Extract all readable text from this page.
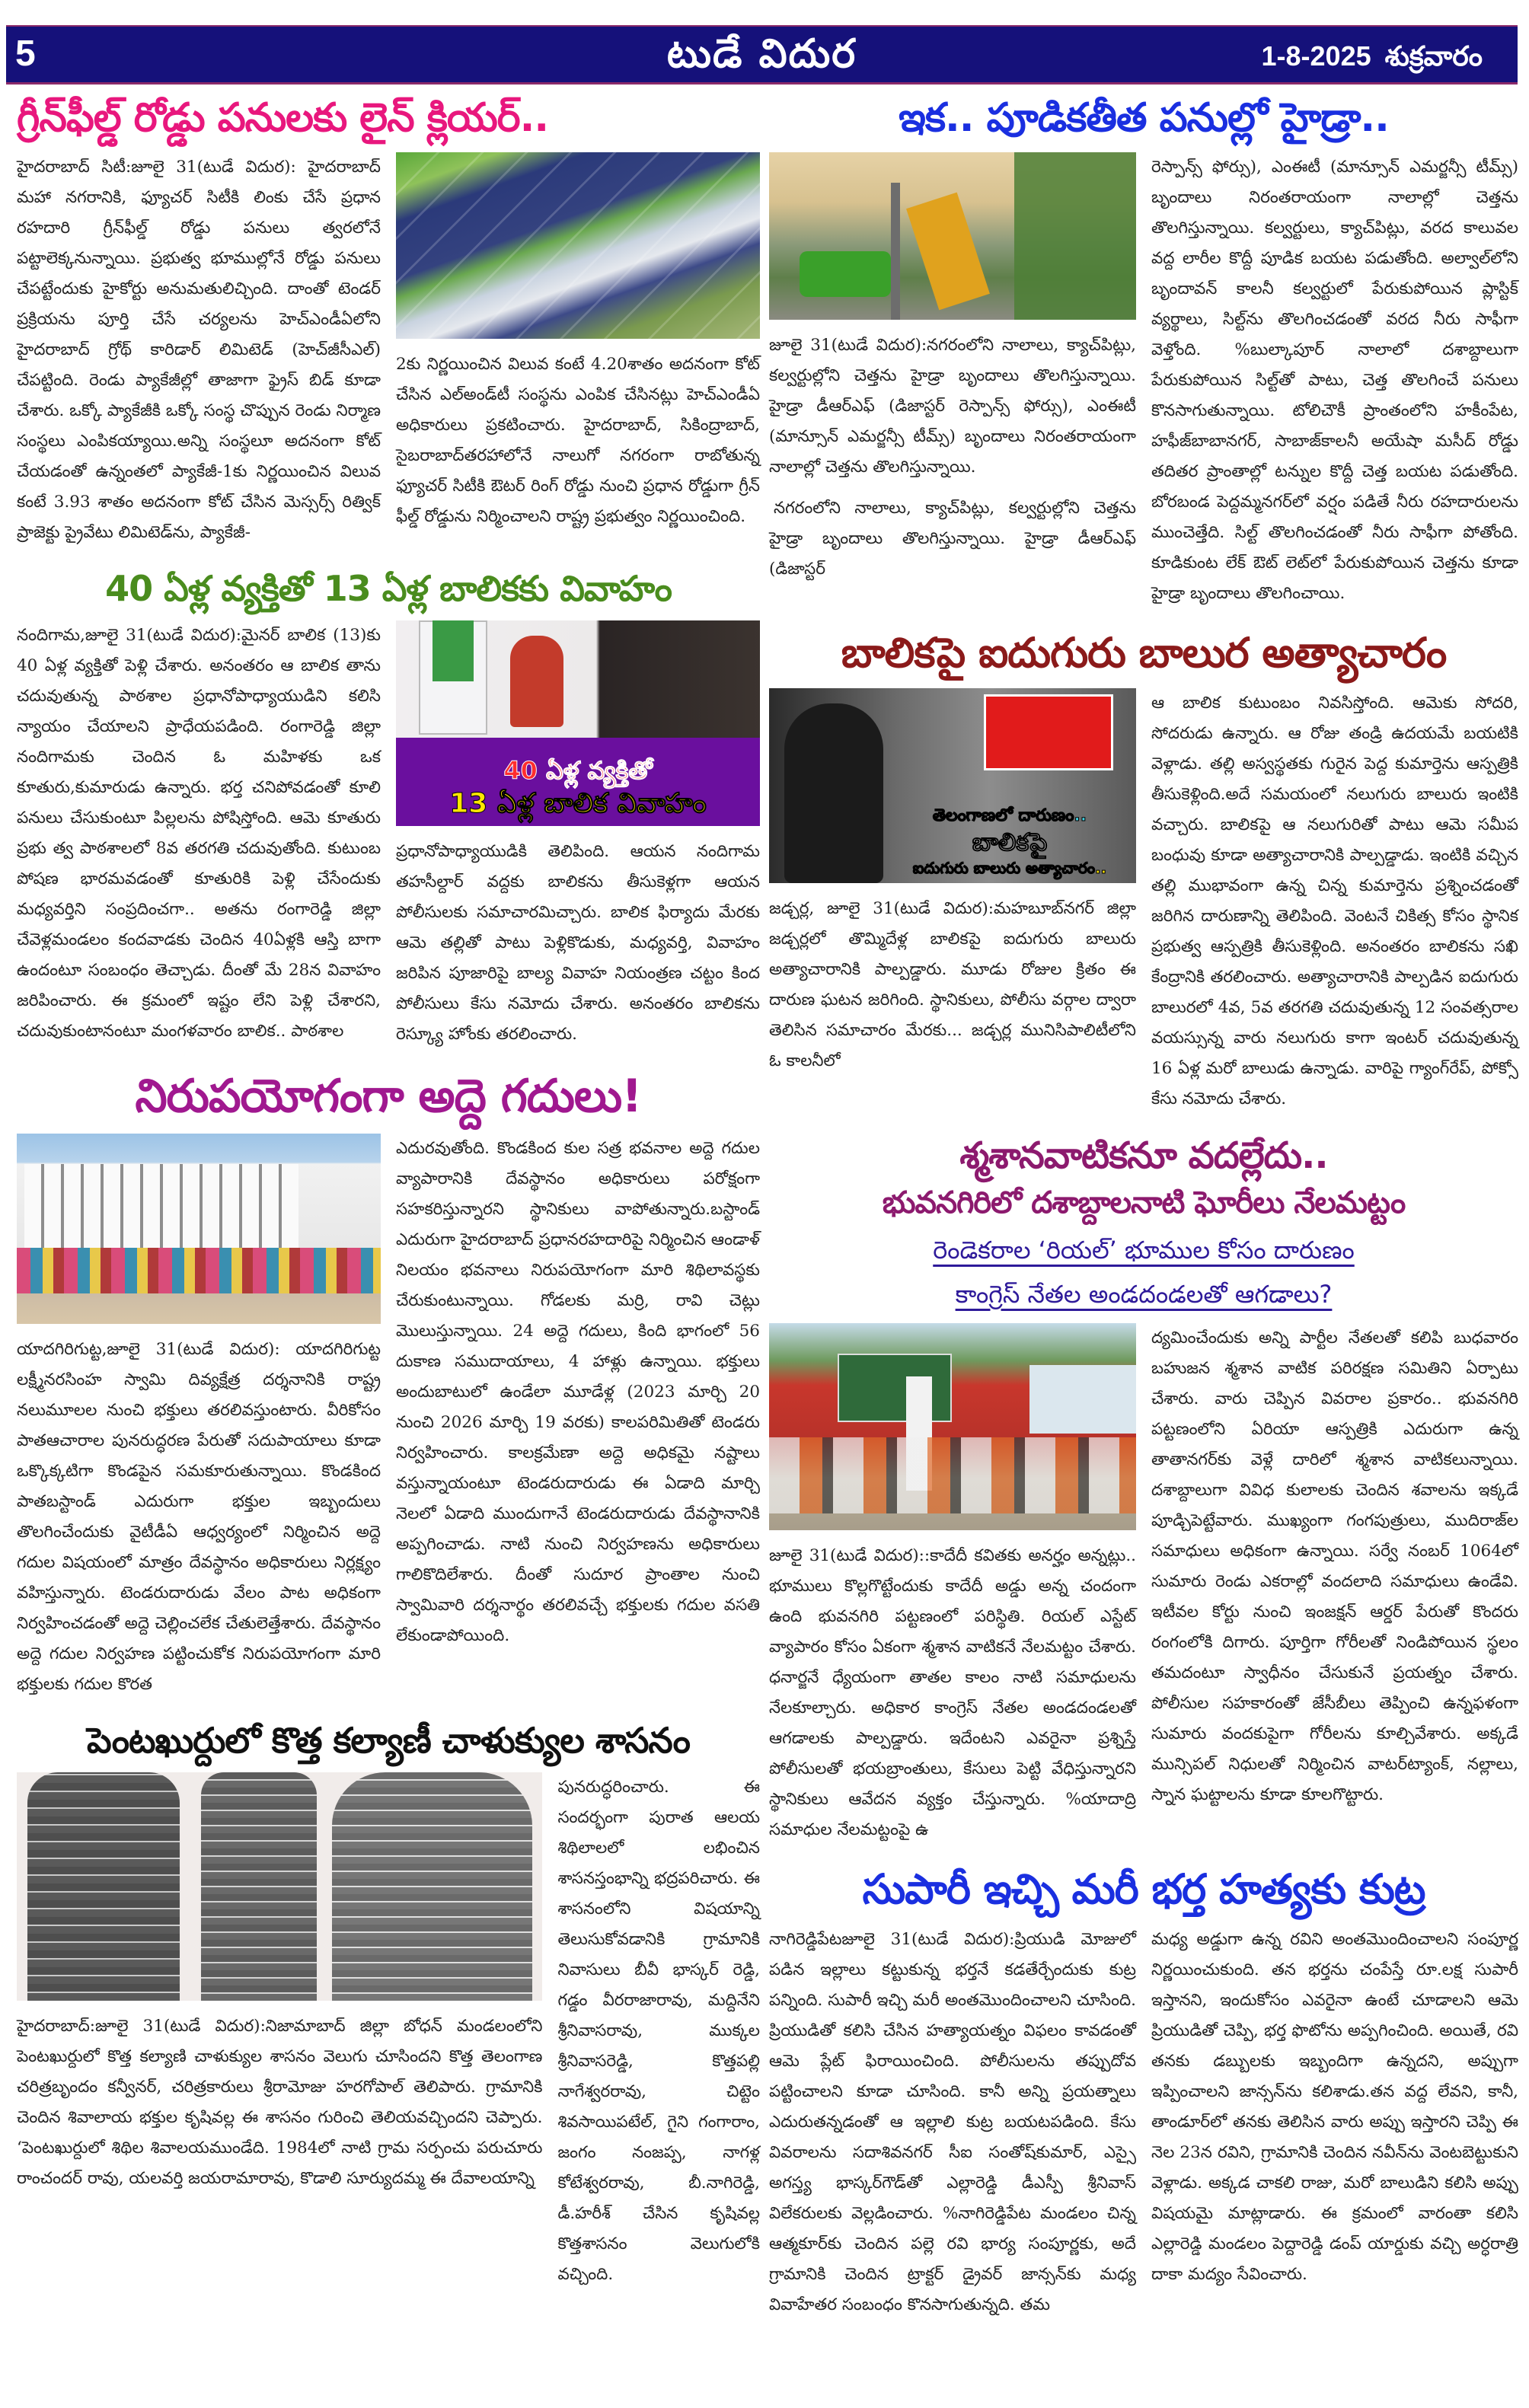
5	టుడే విదుర	1-8-2025 శుక్రవారం
గ్రీన్‌ఫీల్డ్ రోడ్డు పనులకు లైన్ క్లియర్..
హైదరాబాద్ సిటీ:జూలై 31(టుడే విదుర): హైదరాబాద్ మహా నగరానికి, ఫ్యూచర్ సిటీకి లింకు చేసే ప్రధాన రహదారి గ్రీన్‌ఫీల్డ్ రోడ్డు పనులు త్వరలోనే పట్టాలెక్కనున్నాయి. ప్రభుత్వ భూముల్లోనే రోడ్డు పనులు చేపట్టేందుకు హైకోర్టు అనుమతులిచ్చింది. దాంతో టెండర్ ప్రక్రియను పూర్తి చేసే చర్యలను హెచ్‌ఎండీఏలోని హైదరాబాద్ గ్రోథ్ కారిడార్ లిమిటెడ్ (హెచ్‌జీసీఎల్) చేపట్టింది. రెండు ప్యాకేజీల్లో తాజాగా ఫ్రైస్ బిడ్ కూడా చేశారు. ఒక్కో ప్యాకేజీకి ఒక్కో సంస్థ చొప్పున రెండు నిర్మాణ సంస్థలు ఎంపికయ్యాయి.అన్ని సంస్థలూ అదనంగా కోట్ చేయడంతో ఉన్నంతలో ప్యాకేజీ-1కు నిర్ణయించిన విలువ కంటే 3.93 శాతం అదనంగా కోట్ చేసిన మెస్సర్స్ రిత్విక్ ప్రాజెక్టు ప్రైవేటు లిమిటెడ్‌ను, ప్యాకేజీ-
2కు నిర్ణయించిన విలువ కంటే 4.20శాతం అదనంగా కోట్ చేసిన ఎల్‌అండ్‌టీ సంస్థను ఎంపిక చేసినట్లు హెచ్‌ఎండీఏ అధికారులు ప్రకటించారు. హైదరాబాద్, సికింద్రాబాద్, సైబరాబాద్‌తరహాలోనే నాలుగో నగరంగా రాబోతున్న ఫ్యూచర్ సిటీకి ఔటర్ రింగ్ రోడ్డు నుంచి ప్రధాన రోడ్డుగా గ్రీన్ ఫీల్డ్ రోడ్డును నిర్మించాలని రాష్ట్ర ప్రభుత్వం నిర్ణయించింది.
40 ఏళ్ల వ్యక్తితో 13 ఏళ్ల బాలికకు వివాహం
నందిగామ,జూలై 31(టుడే విదుర):మైనర్ బాలిక (13)కు 40 ఏళ్ల వ్యక్తితో పెళ్లి చేశారు. అనంతరం ఆ బాలిక తాను చదువుతున్న పాఠశాల ప్రధానోపాధ్యాయుడిని కలిసి న్యాయం చేయాలని ప్రాధేయపడింది. రంగారెడ్డి జిల్లా నందిగామకు చెందిన ఓ మహిళకు ఒక కూతురు,కుమారుడు ఉన్నారు. భర్త చనిపోవడంతో కూలి పనులు చేసుకుంటూ పిల్లలను పోషిస్తోంది. ఆమె కూతురు ప్రభు త్వ పాఠశాలలో 8వ తరగతి చదువుతోంది. కుటుంబ పోషణ భారమవడంతో కూతురికి పెళ్లి చేసేందుకు మధ్యవర్తిని సంప్రదించగా.. అతను రంగారెడ్డి జిల్లా చేవెళ్లమండలం కందవాడకు చెందిన 40ఏళ్లకి ఆస్తి బాగా ఉందంటూ సంబంధం తెచ్చాడు. దీంతో మే 28న వివాహం జరిపించారు. ఈ క్రమంలో ఇష్టం లేని పెళ్లి చేశారని, చదువుకుంటానంటూ మంగళవారం బాలిక.. పాఠశాల
40 ఏళ్ల వ్యక్తితో
13 ఏళ్ల బాలిక వివాహం
ప్రధానోపాధ్యాయుడికి తెలిపింది. ఆయన నందిగామ తహసీల్దార్ వద్దకు బాలికను తీసుకెళ్లగా ఆయన పోలీసులకు సమాచారమిచ్చారు. బాలిక ఫిర్యాదు మేరకు ఆమె తల్లితో పాటు పెళ్లికొడుకు, మధ్యవర్తి, వివాహం జరిపిన పూజారిపై బాల్య వివాహ నియంత్రణ చట్టం కింద పోలీసులు కేసు నమోదు చేశారు. అనంతరం బాలికను రెస్క్యూ హోంకు తరలించారు.
నిరుపయోగంగా అద్దె గదులు!
యాదగిరిగుట్ట,జూలై 31(టుడే విదుర): యాదగిరిగుట్ట లక్ష్మీనరసింహ స్వామి దివ్యక్షేత్ర దర్శనానికి రాష్ట్ర నలుమూలల నుంచి భక్తులు తరలివస్తుంటారు. వీరికోసం పాతఆచారాల పునరుద్ధరణ పేరుతో సదుపాయాలు కూడా ఒక్కొక్కటిగా కొండపైన సమకూరుతున్నాయి. కొండకింద పాతబస్టాండ్ ఎదురుగా భక్తుల ఇబ్బందులు తొలగించేందుకు వైటీడీఏ ఆధ్వర్యంలో నిర్మించిన అద్దె గదుల విషయంలో మాత్రం దేవస్థానం అధికారులు నిర్లక్ష్యం వహిస్తున్నారు. టెండరుదారుడు వేలం పాట అధికంగా నిర్వహించడంతో అద్దె చెల్లించలేక చేతులెత్తేశారు. దేవస్థానం అద్దె గదుల నిర్వహణ పట్టించుకోక నిరుపయోగంగా మారి భక్తులకు గదుల కొరత
ఎదురవుతోంది. కొండకింద కుల సత్ర భవనాల అద్దె గదుల వ్యాపారానికి దేవస్థానం అధికారులు పరోక్షంగా సహకరిస్తున్నారని స్థానికులు వాపోతున్నారు.బస్టాండ్ ఎదురుగా హైదరాబాద్ ప్రధానరహదారిపై నిర్మించిన ఆండాళ్ నిలయం భవనాలు నిరుపయోగంగా మారి శిథిలావస్థకు చేరుకుంటున్నాయి. గోడలకు మర్రి, రావి చెట్లు మొలుస్తున్నాయి. 24 అద్దె గదులు, కింది భాగంలో 56 దుకాణ సముదాయాలు, 4 హాళ్లు ఉన్నాయి. భక్తులు అందుబాటులో ఉండేలా మూడేళ్ల (2023 మార్చి 20 నుంచి 2026 మార్చి 19 వరకు) కాలపరిమితితో టెండరు నిర్వహించారు. కాలక్రమేణా అద్దె అధికమై నష్టాలు వస్తున్నాయంటూ టెండరుదారుడు ఈ ఏడాది మార్చి నెలలో ఏడాది ముందుగానే టెండరుదారుడు దేవస్థానానికి అప్పగించాడు. నాటి నుంచి నిర్వహణను అధికారులు గాలికొదిలేశారు. దీంతో సుదూర ప్రాంతాల నుంచి స్వామివారి దర్శనార్థం తరలివచ్చే భక్తులకు గదుల వసతి లేకుండాపోయింది.
పెంటఖుర్దులో కొత్త కల్యాణీ చాళుక్యుల శాసనం
హైదరాబాద్:జూలై 31(టుడే విదుర):నిజామాబాద్ జిల్లా బోధన్ మండలంలోని పెంటఖుర్దులో కొత్త కల్యాణి చాళుక్యుల శాసనం వెలుగు చూసిందని కొత్త తెలంగాణ చరిత్రబృందం కన్వీనర్, చరిత్రకారులు శ్రీరామోజు హరగోపాల్ తెలిపారు. గ్రామానికి చెందిన శివాలాయ భక్తుల కృషివల్ల ఈ శాసనం గురించి తెలియవచ్చిందని చెప్పారు. ‘పెంటఖుర్దులో శిథిల శివాలయముండేది. 1984లో నాటి గ్రామ సర్పంచు పరుచూరు రాంచందర్ రావు, యలవర్తి జయరామారావు, కొడాలి సూర్యుదమ్మ ఈ దేవాలయాన్ని
పునరుద్ధరించారు. ఈ సందర్భంగా పురాత ఆలయ శిథిలాలలో లభించిన శాసనస్తంభాన్ని భద్రపరిచారు. ఈ శాసనంలోని విషయాన్ని తెలుసుకోవడానికి గ్రామానికి నివాసులు బీవీ భాస్కర్ రెడ్డి, గడ్డం వీరరాజారావు, మద్దినేని శ్రీనివాసరావు, ముక్కల శ్రీనివాసరెడ్డి, కొత్తపల్లి నాగేశ్వరరావు, చిట్టెం శివసాయిపటేల్, గైని గంగారాం, జంగం నంజప్ప, నాగళ్ల కోటేశ్వరరావు, బీ.నాగిరెడ్డి, డీ.హరీశ్ చేసిన కృషివల్ల కొత్తశాసనం వెలుగులోకి వచ్చింది.
ఇక.. పూడికతీత పనుల్లో హైడ్రా..
జూలై 31(టుడే విదుర):నగరంలోని నాలాలు, క్యాచ్‌పిట్లు, కల్వర్టుల్లోని చెత్తను హైడ్రా బృందాలు తొలగిస్తున్నాయి. హైడ్రా డీఆర్‌ఎఫ్ (డిజాస్టర్ రెస్పాన్స్ ఫోర్సు), ఎంఈటీ (మాన్సూన్ ఎమర్జన్సీ టీమ్స్) బృందాలు నిరంతరాయంగా నాలాల్లో చెత్తను తొలగిస్తున్నాయి.
నగరంలోని నాలాలు, క్యాచ్‌పిట్లు, కల్వర్టుల్లోని చెత్తను హైడ్రా బృందాలు తొలగిస్తున్నాయి. హైడ్రా డీఆర్‌ఎఫ్ (డిజాస్టర్
రెస్పాన్స్ ఫోర్సు), ఎంఈటీ (మాన్సూన్ ఎమర్జన్సీ టీమ్స్) బృందాలు నిరంతరాయంగా నాలాల్లో చెత్తను తొలగిస్తున్నాయి. కల్వర్టులు, క్యాచ్‌పిట్లు, వరద కాలువల వద్ద లారీల కొద్దీ పూడిక బయట పడుతోంది. అల్వాల్‌లోని బృందావన్ కాలనీ కల్వర్టులో పేరుకుపోయిన ప్లాస్టిక్ వ్యర్థాలు, సిల్ట్‌ను తొలగించడంతో వరద నీరు సాఫీగా వెళ్తోంది. %బుల్కాపూర్ నాలాలో దశాబ్దాలుగా పేరుకుపోయిన సిల్ట్‌తో పాటు, చెత్త తొలగించే పనులు కొనసాగుతున్నాయి. టోలిచౌకీ ప్రాంతంలోని హకీంపేట, హఫీజ్‌బాబానగర్, సాబాజ్‌కాలనీ అయేషా మసీద్ రోడ్డు తదితర ప్రాంతాల్లో టన్నుల కొద్దీ చెత్త బయట పడుతోంది. బోరబండ పెద్దమ్మనగర్‌లో వర్షం పడితే నీరు రహదారులను ముంచెత్తేది. సిల్ట్ తొలగించడంతో నీరు సాఫీగా పోతోంది. కూడికుంట లేక్ ఔట్ లెట్‌లో పేరుకుపోయిన చెత్తను కూడా హైడ్రా బృందాలు తొలగించాయి.
బాలికపై ఐదుగురు బాలుర అత్యాచారం
తెలంగాణలో దారుణం..
బాలికపై
ఐదుగురు బాలురు అత్యాచారం..
జడ్చర్ల, జూలై 31(టుడే విదుర):మహబూబ్‌నగర్ జిల్లా జడ్చర్లలో తొమ్మిదేళ్ల బాలికపై ఐదుగురు బాలురు అత్యాచారానికి పాల్పడ్డారు. మూడు రోజుల క్రితం ఈ దారుణ ఘటన జరిగింది. స్థానికులు, పోలీసు వర్గాల ద్వారా తెలిసిన సమాచారం మేరకు... జడ్చర్ల మునిసిపాలిటీలోని ఓ కాలనీలో
ఆ బాలిక కుటుంబం నివసిస్తోంది. ఆమెకు సోదరి, సోదరుడు ఉన్నారు. ఆ రోజు తండ్రి ఉదయమే బయటికి వెళ్లాడు. తల్లి అస్వస్థతకు గురైన పెద్ద కుమార్తెను ఆస్పత్రికి తీసుకెళ్లింది.అదే సమయంలో నలుగురు బాలురు ఇంటికి వచ్చారు. బాలికపై ఆ నలుగురితో పాటు ఆమె సమీప బంధువు కూడా అత్యాచారానికి పాల్పడ్డాడు. ఇంటికి వచ్చిన తల్లి ముభావంగా ఉన్న చిన్న కుమార్తెను ప్రశ్నించడంతో జరిగిన దారుణాన్ని తెలిపింది. వెంటనే చికిత్స కోసం స్థానిక ప్రభుత్వ ఆస్పత్రికి తీసుకెళ్లింది. అనంతరం బాలికను సఖి కేంద్రానికి తరలించారు. అత్యాచారానికి పాల్పడిన ఐదుగురు బాలురలో 4వ, 5వ తరగతి చదువుతున్న 12 సంవత్సరాల వయస్సున్న వారు నలుగురు కాగా ఇంటర్ చదువుతున్న 16 ఏళ్ల మరో బాలుడు ఉన్నాడు. వారిపై గ్యాంగ్‌రేప్, పోక్సో కేసు నమోదు చేశారు.
శ్మశానవాటికనూ వదల్లేదు..
భువనగిరిలో దశాబ్దాలనాటి ఘోరీలు నేలమట్టం
రెండెకరాల ‘రియల్’ భూముల కోసం దారుణం
కాంగ్రెస్ నేతల అండదండలతో ఆగడాలు?
జూలై 31(టుడే విదుర)::కాదేదీ కవితకు అనర్హం అన్నట్లు.. భూములు కొల్లగొట్టేందుకు కాదేదీ అడ్డు అన్న చందంగా ఉంది భువనగిరి పట్టణంలో పరిస్థితి. రియల్ ఎస్టేట్ వ్యాపారం కోసం ఏకంగా శ్మశాన వాటికనే నేలమట్టం చేశారు. ధనార్జనే ధ్యేయంగా తాతల కాలం నాటి సమాధులను నేలకూల్చారు. అధికార కాంగ్రెస్ నేతల అండదండలతో ఆగడాలకు పాల్పడ్డారు. ఇదేంటని ఎవరైనా ప్రశ్నిస్తే పోలీసులతో భయబ్రాంతులు, కేసులు పెట్టి వేధిస్తున్నారని స్థానికులు ఆవేదన వ్యక్తం చేస్తున్నారు. %యాదాద్రి సమాధుల నేలమట్టంపై ఉ
ద్యమించేందుకు అన్ని పార్టీల నేతలతో కలిపి బుధవారం బహుజన శ్మశాన వాటిక పరిరక్షణ సమితిని ఏర్పాటు చేశారు. వారు చెప్పిన వివరాల ప్రకారం.. భువనగిరి పట్టణంలోని ఏరియా ఆస్పత్రికి ఎదురుగా ఉన్న తాతానగర్‌కు వెళ్లే దారిలో శ్మశాన వాటికలున్నాయి. దశాబ్దాలుగా వివిధ కులాలకు చెందిన శవాలను ఇక్కడే పూడ్చిపెట్టేవారు. ముఖ్యంగా గంగపుత్రులు, ముదిరాజ్‌ల సమాధులు అధికంగా ఉన్నాయి. సర్వే నంబర్ 1064లో సుమారు రెండు ఎకరాల్లో వందలాది సమాధులు ఉండేవి. ఇటీవల కోర్టు నుంచి ఇంజక్షన్ ఆర్డర్ పేరుతో కొందరు రంగంలోకి దిగారు. పూర్తిగా గోరీలతో నిండిపోయిన స్థలం తమదంటూ స్వాధీనం చేసుకునే ప్రయత్నం చేశారు. పోలీసుల సహకారంతో జేసీబీలు తెప్పించి ఉన్నఫళంగా సుమారు వందకుపైగా గోరీలను కూల్చివేశారు. అక్కడే మున్సిపల్ నిధులతో నిర్మించిన వాటర్‌ట్యాంక్, నల్లాలు, స్నాన ఘట్టాలను కూడా కూలగొట్టారు.
సుపారీ ఇచ్చి మరీ భర్త హత్యకు కుట్ర
నాగిరెడ్డిపేటజూలై 31(టుడే విదుర):ప్రియుడి మోజులో పడిన ఇల్లాలు కట్టుకున్న భర్తనే కడతేర్చేందుకు కుట్ర పన్నింది. సుపారీ ఇచ్చి మరీ అంతమొందించాలని చూసింది. ప్రియుడితో కలిసి చేసిన హత్యాయత్నం విఫలం కావడంతో ఆమె ప్లేట్ ఫిరాయించింది. పోలీసులను తప్పుదోవ పట్టించాలని కూడా చూసింది. కానీ అన్ని ప్రయత్నాలు ఎదురుతన్నడంతో ఆ ఇల్లాలి కుట్ర బయటపడింది. కేసు వివరాలను సదాశివనగర్ సీఐ సంతోష్‌కుమార్, ఎస్సై అగస్త్య భాస్కర్‌గౌడ్‌తో ఎల్లారెడ్డి డీఎస్పీ శ్రీనివాస్ విలేకరులకు వెల్లడించారు. %నాగిరెడ్డిపేట మండలం చిన్న ఆత్మకూర్‌కు చెందిన పల్లె రవి భార్య సంపూర్ణకు, అదే గ్రామానికి చెందిన ట్రాక్టర్ డ్రైవర్ జాన్సన్‌కు మధ్య వివాహేతర సంబంధం కొనసాగుతున్నది. తమ
మధ్య అడ్డుగా ఉన్న రవిని అంతమొందించాలని సంపూర్ణ నిర్ణయించుకుంది. తన భర్తను చంపేస్తే రూ.లక్ష సుపారీ ఇస్తానని, ఇందుకోసం ఎవరైనా ఉంటే చూడాలని ఆమె ప్రియుడితో చెప్పి, భర్త ఫొటోను అప్పగించింది. అయితే, రవి తనకు డబ్బులకు ఇబ్బందిగా ఉన్నదని, అప్పుగా ఇప్పించాలని జాన్సన్‌ను కలిశాడు.తన వద్ద లేవని, కానీ, తాండూర్‌లో తనకు తెలిసిన వారు అప్పు ఇస్తారని చెప్పి ఈ నెల 23న రవిని, గ్రామానికి చెందిన నవీన్‌ను వెంటబెట్టుకుని వెళ్లాడు. అక్కడ చాకలి రాజు, మరో బాలుడిని కలిసి అప్పు విషయమై మాట్లాడారు. ఈ క్రమంలో వారంతా కలిసి ఎల్లారెడ్డి మండలం పెద్దారెడ్డి డంప్ యార్డుకు వచ్చి అర్ధరాత్రి దాకా మద్యం సేవించారు.
